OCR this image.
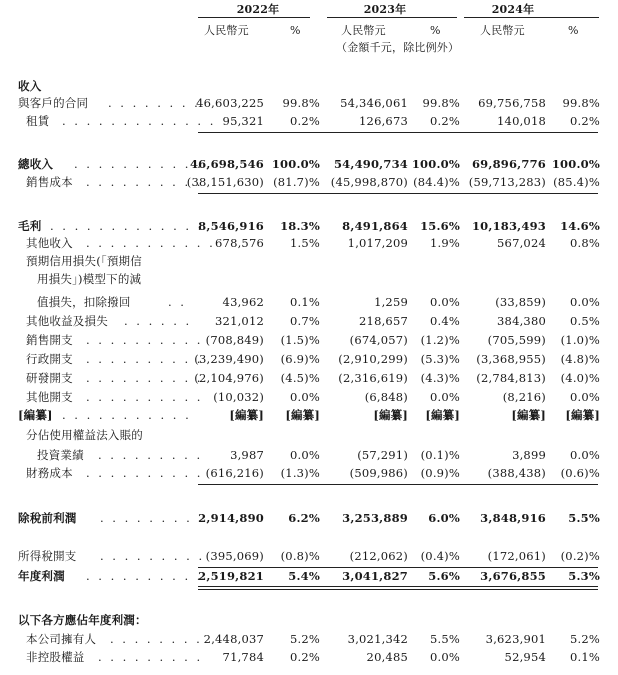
2022年	2023年	2024年
人民幣元	%	人民幣元	%	人民幣元	%
（金額千元，除比例外）
收入
與客戶的合同 . . . . . . . .
46,603,225	99.8%	54,346,061	99.8%	69,756,758	99.8%
租賃 . . . . . . . . . . . . . 95,321	0.2%	126,673	0.2%	140,018	0.2%
總收入 . . . . . . . . . . .
46,698,546 100.0%	54,490,734 100.0%	69,896,776 100.0%
銷售成本 . . . . . . . . . .
(38,151,630) (81.7)% (45,998,870) (84.4)% (59,713,283) (85.4)%
毛利 . . . . . . . . . . . . .
8,546,916	18.3%	8,491,864	15.6%	10,183,493	14.6%
其他收入 . . . . . . . . . . . 678,576	1.5%	1,017,209	1.9%	567,024	0.8%
預期信用損失(「預期信
用損失」)模型下的減
值損失，扣除撥回	. .	43,962	0.1%	1,259	0.0%	(33,859)	0.0%
其他收益及損失 . . . . . .	321,012	0.7%	218,657	0.4%	384,380	0.5%
銷售開支 . . . . . . . . . . (708,849)	(1.5)%	(674,057)	(1.2)%	(705,599)	(1.0)%
行政開支 . . . . . . . . . .
(3,239,490)	(6.9)%	(2,910,299)	(5.3)%	(3,368,955)	(4.8)%
研發開支 . . . . . . . . . .
(2,104,976)	(4.5)%	(2,316,619)	(4.3)%	(2,784,813)	(4.0)%
其他開支 . . . . . . . . . . (10,032)	0.0%	(6,848)	0.0%	(8,216)	0.0%
[編纂] . . . . . . . . . . .	[編纂]	[編纂]	[編纂]	[編纂]	[編纂]	[編纂]
分佔使用權益法入賬的
投資業績 . . . . . . . . .	3,987	0.0%	(57,291)	(0.1)%	3,899	0.0%
財務成本 . . . . . . . . . . (616,216)	(1.3)%	(509,986)	(0.9)%	(388,438)	(0.6)%
除稅前利潤 . . . . . . . . .
2,914,890	6.2%	3,253,889	6.0%	3,848,916	5.5%
所得稅開支 . . . . . . . . . (395,069)	(0.8)%	(212,062)	(0.4)%	(172,061)	(0.2)%
年度利潤 . . . . . . . . . .
2,519,821	5.4%	3,041,827	5.6%	3,676,855	5.3%
以下各方應佔年度利潤：
本公司擁有人 . . . . . . . . 2,448,037	5.2%	3,021,342	5.5%	3,623,901	5.2%
非控股權益 . . . . . . . . .	71,784	0.2%	20,485	0.0%	52,954	0.1%
